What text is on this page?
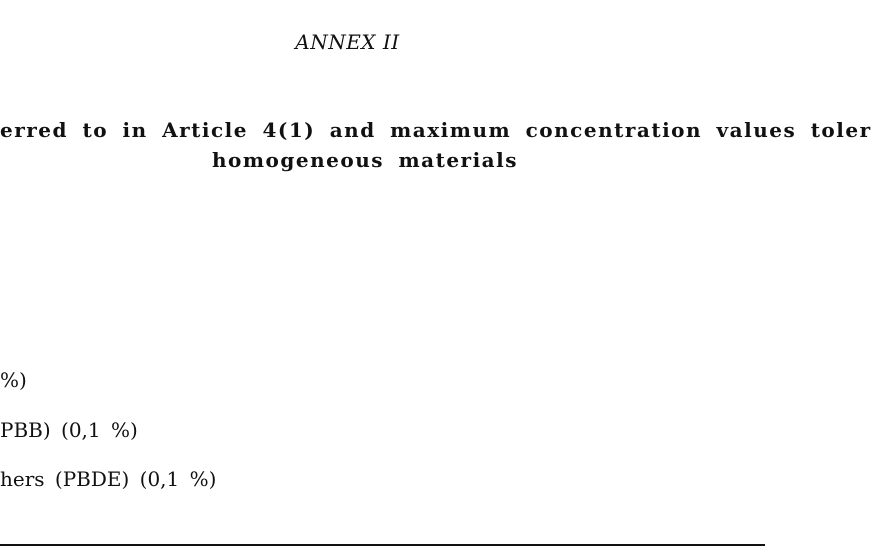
ANNEX II
erred to in Article 4(1) and maximum concentration values toler
homogeneous materials
%)
PBB) (0,1 %)
hers (PBDE) (0,1 %)
